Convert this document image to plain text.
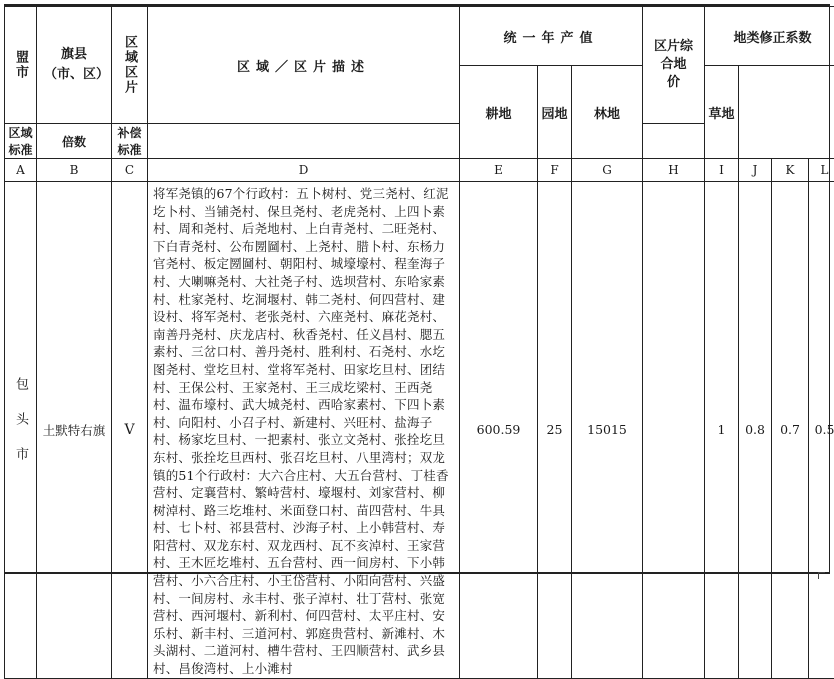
盟市	旗县（市、区）	区域区片	区域／区片描述	统一年产值			区片综合地　价	地类修正系数			
				耕地	园地	林地		草地			
区域标准	倍数	补偿标准									
A	B	C	D	E	F	G	H	I	J	K	L

包头市	土默特右旗	V	将军尧镇的67个行政村：五卜树村、党三尧村、红泥圪卜村、当铺尧村、保旦尧村、老虎尧村、上四卜素村、周和尧村、后尧地村、上白青尧村、二旺尧村、下白青尧村、公布圐圙村、上尧村、腊卜村、东杨力官尧村、板定圐圙村、朝阳村、城壕壕村、程奎海子村、大喇嘛尧村、大社尧子村、选坝营村、东哈家素村、杜家尧村、圪洞堰村、韩二尧村、何四营村、建设村、将军尧村、老张尧村、六座尧村、麻花尧村、南善丹尧村、庆龙店村、秋香尧村、任义昌村、腮五素村、三岔口村、善丹尧村、胜利村、石尧村、水圪图尧村、堂圪旦村、堂将军尧村、田家圪旦村、团结村、王保公村、王家尧村、王三成圪梁村、王西尧村、温布壕村、武大城尧村、西哈家素村、下四卜素村、向阳村、小召子村、新建村、兴旺村、盐海子村、杨家圪旦村、一把素村、张立文尧村、张拴圪旦东村、张拴圪旦西村、张召圪旦村、八里湾村；双龙镇的51个行政村：大六合庄村、大五台营村、丁桂香营村、定襄营村、繁峙营村、壕堰村、刘家营村、柳树淖村、路三圪堆村、米面登口村、苗四营村、牛具村、七卜村、祁县营村、沙海子村、上小韩营村、寿阳营村、双龙东村、双龙西村、瓦不亥淖村、王家营村、王木匠圪堆村、五台营村、西一间房村、下小韩营村、小六合庄村、小王岱营村、小阳向营村、兴盛村、一间房村、永丰村、张子淖村、壮丁营村、张宽营村、西河堰村、新利村、何四营村、太平庄村、安乐村、新丰村、三道河村、郭庭贵营村、新滩村、木头湖村、二道河村、槽牛营村、王四顺营村、武乡县村、昌俊湾村、上小滩村	600.59	25	15015		1	0.8	0.7	0.5
